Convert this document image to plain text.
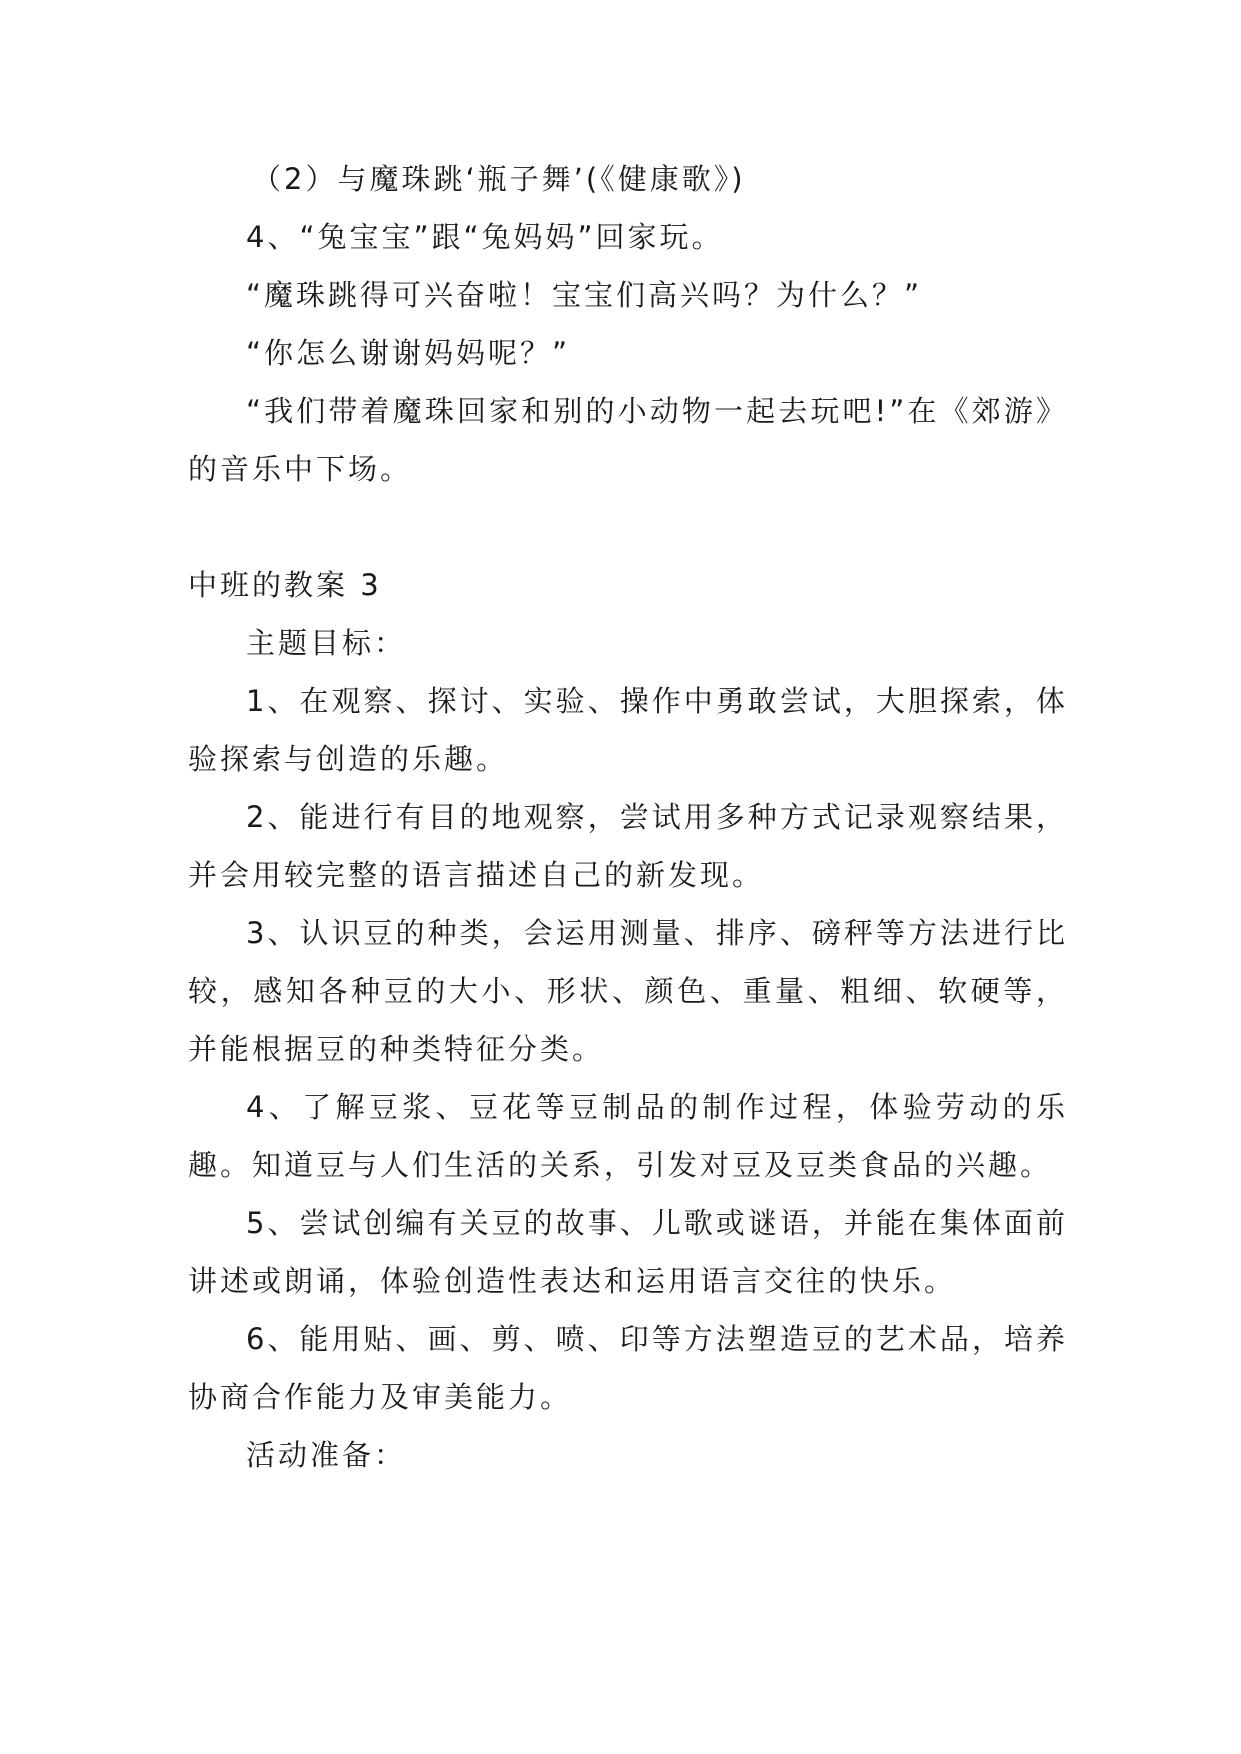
（2）与魔珠跳‘瓶子舞’(《健康歌》)

4、“兔宝宝”跟“兔妈妈”回家玩。

“魔珠跳得可兴奋啦！宝宝们高兴吗？为什么？”

“你怎么谢谢妈妈呢？”

“我们带着魔珠回家和别的小动物一起去玩吧!”在《郊游》的音乐中下场。

中班的教案 3

主题目标：

1、在观察、探讨、实验、操作中勇敢尝试，大胆探索，体验探索与创造的乐趣。

2、能进行有目的地观察，尝试用多种方式记录观察结果，并会用较完整的语言描述自己的新发现。

3、认识豆的种类，会运用测量、排序、磅秤等方法进行比较，感知各种豆的大小、形状、颜色、重量、粗细、软硬等，并能根据豆的种类特征分类。

4、了解豆浆、豆花等豆制品的制作过程，体验劳动的乐趣。知道豆与人们生活的关系，引发对豆及豆类食品的兴趣。

5、尝试创编有关豆的故事、儿歌或谜语，并能在集体面前讲述或朗诵，体验创造性表达和运用语言交往的快乐。

6、能用贴、画、剪、喷、印等方法塑造豆的艺术品，培养协商合作能力及审美能力。

活动准备：
